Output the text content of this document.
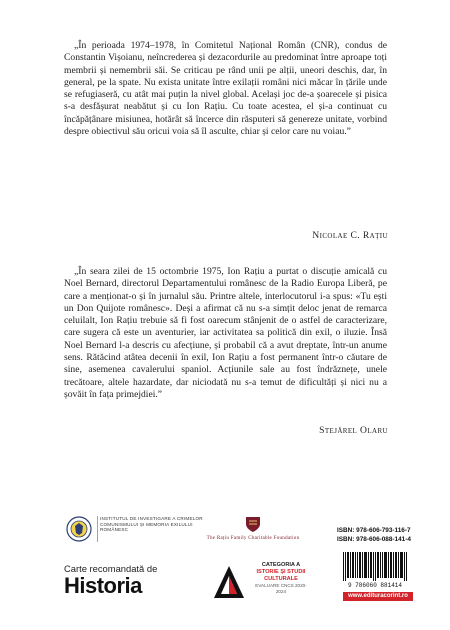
„În perioada 1974–1978, în Comitetul Național Român (CNR), condus de Constantin Vișoianu, neîncrederea și dezacordurile au predominat între aproape toți membrii și nemembrii săi. Se criticau pe rând unii pe alții, uneori deschis, dar, în general, pe la spate. Nu exista unitate între exilații români nici măcar în țările unde se refugiaseră, cu atât mai puțin la nivel global. Același joc de-a șoarecele și pisica s-a desfășurat neabătut și cu Ion Rațiu. Cu toate acestea, el și-a continuat cu încăpățânare misiunea, hotărât să încerce din răsputeri să genereze unitate, vorbind despre obiectivul său oricui voia să îl asculte, chiar și celor care nu voiau.”

Nicolae C. Rațiu

„În seara zilei de 15 octombrie 1975, Ion Rațiu a purtat o discuție amicală cu Noel Bernard, directorul Departamentului românesc de la Radio Europa Liberă, pe care a menționat-o și în jurnalul său. Printre altele, interlocutorul i-a spus: «Tu ești un Don Quijote românesc». Deși a afirmat că nu s-a simțit deloc jenat de remarca celuilalt, Ion Rațiu trebuie să fi fost oarecum stânjenit de o astfel de caracterizare, care sugera că este un aventurier, iar activitatea sa politică din exil, o iluzie. Însă Noel Bernard l-a descris cu afecțiune, și probabil că a avut dreptate, într-un anume sens. Rătăcind atâtea decenii în exil, Ion Rațiu a fost permanent într-o căutare de sine, asemenea cavalerului spaniol. Acțiunile sale au fost îndrăznețe, unele trecătoare, altele hazardate, dar niciodată nu s-a temut de dificultăți și nici nu a șovăit în fața primejdiei.”

Stejărel Olaru
INSTITUTUL DE INVESTIGARE A CRIMELOR COMUNISMULUI ȘI MEMORIA EXILULUI ROMÂNESC
The Rațiu Family Charitable Foundation
ISBN: 978-606-793-116-7
ISBN: 978-606-088-141-4
9 786060 881414
www.edituracorint.ro
Carte recomandată de
Historia
CATEGORIA A
ISTORIE ȘI STUDII CULTURALE
EVALUARE CNCS 2020-2024
